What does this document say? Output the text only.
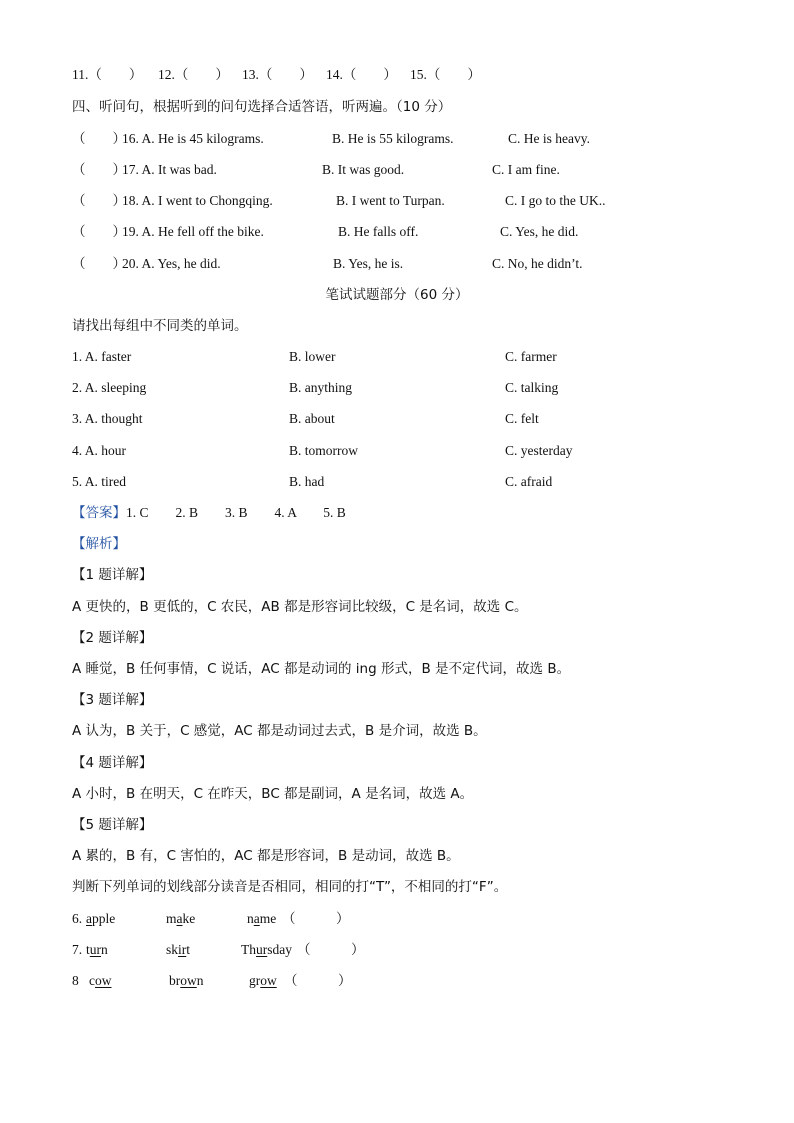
11.（　　） 12.（　　） 13.（　　） 14.（　　） 15.（　　）
四、听问句，根据听到的问句选择合适答语，听两遍。（10 分）
（　　）
16. A. He is 45 kilograms.	B. He is 55 kilograms.	C. He is heavy.
（　　）
17. A. It was bad.	B. It was good.	C. I am fine.
（　　）
18. A. I went to Chongqing.	B. I went to Turpan.	C. I go to the UK..
（　　）
19. A. He fell off the bike.	B. He falls off.	C. Yes, he did.
（　　）
20. A. Yes, he did.	B. Yes, he is.	C. No, he didn’t.
笔试试题部分（60 分）
请找出每组中不同类的单词。
1. A. faster	B. lower	C. farmer
2. A. sleeping	B. anything	C. talking
3. A. thought	B. about	C. felt
4. A. hour	B. tomorrow	C. yesterday
5. A. tired	B. had	C. afraid
【答案】1. C　　2. B　　3. B　　4. A　　5. B
【解析】
【1 题详解】
A 更快的，B 更低的，C 农民，AB 都是形容词比较级，C 是名词，故选 C。
【2 题详解】
A 睡觉，B 任何事情，C 说话，AC 都是动词的 ing 形式，B 是不定代词，故选 B。
【3 题详解】
A 认为，B 关于，C 感觉，AC 都是动词过去式，B 是介词，故选 B。
【4 题详解】
A 小时，B 在明天，C 在昨天，BC 都是副词，A 是名词，故选 A。
【5 题详解】
A 累的，B 有，C 害怕的，AC 都是形容词，B 是动词，故选 B。
判断下列单词的划线部分读音是否相同，相同的打“T”，不相同的打“F”。
6. apple	make	name （　　　）
7. turn	skirt	Thursday （　　　）
8 cow	brown	grow （　　　）
